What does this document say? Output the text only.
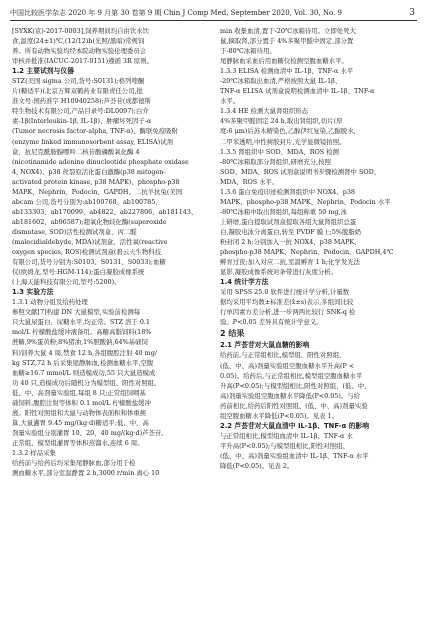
中国比较医学杂志 2020 年 9 月第 30 卷第 9 期 Chin J Comp Med, September 2020, Vol. 30, No. 9	3
[SYXK(京)-2017-0003],饲养期间均自由饮水饮
食,温度(24±1)℃,(12/12)h(光照/黑暗)常规饲
养。所有动物实验均经本院动物实验伦理委员会
审核并批准(IACUC-2017-0151)遵循 3R 原则。
1.2 主要试剂与仪器
STZ(美国 sigma 公司,货号:S0131);格列喹酮
片(糖适平)(北京万辉双鹤药业有限责任公司,批
准文号:国药准字 H10940258);芦荟苷(成都德斯
特生物技术有限公司,产品目录号:DL0097);白介
素-1β(Interleukin-1β, IL-1β)、肿瘤坏死因子-α
(Tumor necrosis factor-alpha, TNF-α)、酶联免疫吸附
(enzyme linked immunosorbent assay, ELISA)试剂
盒、抗尼克酰胺腺嘌呤二核苷酸磷酸氧化酶 4
(nicotinamide adenine dinucleotide phosphate oxidase
4, NOX4)、p38 丝裂原活化蛋白激酶(p38 mitogen-
activated protein kinase, p38 MAPK)、phospho-p38
MAPK、Nephrin、Podocin、GAPDH、二抗羊抗兔(美国
abcam 公司,货号分别为:ab100768、ab100785、
ab133303、ab170099、ab4822、ab227806、ab181143、
ab181602、ab96587);超氧化物歧化酶(superoxide
dismutase, SOD)活性检测试剂盒、丙二醛
(malecidialdehyde, MDA)试剂盒、活性氧(reactive
oxygen species, ROS)检测试剂盒(碧云天生物科技
有限公司,货号分别为:S0103、S0131、S0033);血糖
仪(欧姆龙,型号:HGM-114);蛋白凝胶成像系统
(上海天能科技有限公司,型号:5200)。
1.3 实验方法
1.3.1 动物分组及给药处理
参照文献[7]构建 DN 大鼠模型,实验前检测每
只大鼠尿蛋白、尿糖水平,均正常。STZ 溶于 0.1
mol/L 柠檬酸盐缓冲液备用。高糖高脂饲料(18%
蔗糖,9%蛋黄粉,8%猪油,1%胆酸钠,64%基础饲
料)饲养大鼠 4 周,禁食 12 h,各组腹腔注射 40 mg/
kg STZ,72 h 后采集尾静脉血,检测血糖水平,空腹
血糖≥16.7 mmol/L 则造模成功,55 只大鼠造模成
功 40 只,造模成功后随机分为模型组、阳性对照组、
低、中、高剂量实验组,每组 8 只;正常组饲喂基
础饲料,腹腔注射等体积 0.1 mol/L 柠檬酸盐缓冲
液。阳性对照组和大鼠与动物体表面积和体重换
算,大鼠灌胃 9.45 mg/(kg·d)糖适平;低、中、高
剂量实验组分别灌胃 10、20、40 mg/(kg·d)芦荟苷。
正常组、模型组灌胃等体积蒸馏水,连续 6 周。
1.3.2 样品采集
给药前与给药后均采集尾静脉血,部分用于检
测血糖水平,部分室温静置 2 h,3000 r/min 离心 10
min 收集血清,置于-20℃冰箱待用。立即处死大
鼠,摘取肾,部分置于 4%多聚甲醛中固定,部分置
于-80℃冰箱待用。
尾静脉血采血后用血糖仪检测空腹血糖水平。
1.3.3 ELISA 检测血清中 IL-1β、TNF-α 水平
-20℃冰箱取出血清,严格按照大鼠 IL-1β、
TNF-α ELISA 试剂盒说明检测血清中 IL-1β、TNF-α
水平。
1.3.4 HE 检测大鼠肾组织形态
4%多聚甲醛固定 24 h,取出肾组织,切片(厚
度:6 μm)后苏木精染色,乙醇伊红复染,乙醇脱水,
二甲苯透明,中性树胶封片,光学显微镜拍照。
1.3.5 肾组织中 SOD、MDA、ROS 检测
-80℃冰箱取部分肾组织,研磨充分,按照
SOD、MDA、ROS 试剂盒说明书步骤检测肾中 SOD、
MDA、ROS 水平。
1.3.6 蛋白免疫印迹检测肾组织中 NOX4、p38
MAPK、phospho-p38 MAPK、Nephrin、Podocin 水平
-80℃冰箱中取出肾组织,每组称重 50 mg,冰
上研磨,蛋白提取试剂盒提取各组大鼠肾组织总蛋
白,凝胶电泳分离蛋白,转至 PVDF 膜上;5%脱脂奶
粉封闭 2 h;分别加入一抗 NOX4、p38 MAPK、
phospho-p38 MAPK、Nephrin、Podocin、GAPDH,4℃
孵育过夜;加入对应二抗,室温孵育 1 h;化学发光法
显影,凝胶成像系统对条带进行灰度分析。
1.4 统计学方法
采用 SPSS 25.0 软件进行统计学分析,计量数
据均采用平均数±标准差(x̄±s)表示,多组间比较
行单因素方差分析,进一步两两比较行 SNK-q 检
验。P<0.05 差异具有统计学意义。
2 结果
2.1 芦荟苷对大鼠血糖的影响
给药前,与正常组相比,模型组、阳性对照组、
(低、中、高)剂量实验组空腹血糖水平升高(P <
0.05)。给药后,与正常组相比,模型组空腹血糖水平
升高(P<0.05);与模型组相比,阳性对照组、(低、中、
高)剂量实验组空腹血糖水平降低(P<0.05)。与给
药前相比,给药后阳性对照组、(低、中、高)剂量实验
组空腹血糖水平降低(P<0.05)。见表 1。
2.2 芦荟苷对大鼠血清中 IL-1β、TNF-α 的影响
与正常组相比,模型组血清中 IL-1β、TNF-α 水
平升高(P<0.05);与模型组相比,阳性对照组、
(低、中、高)剂量实验组血清中 IL-1β、TNF-α 水平
降低(P<0.05)。见表 2。
